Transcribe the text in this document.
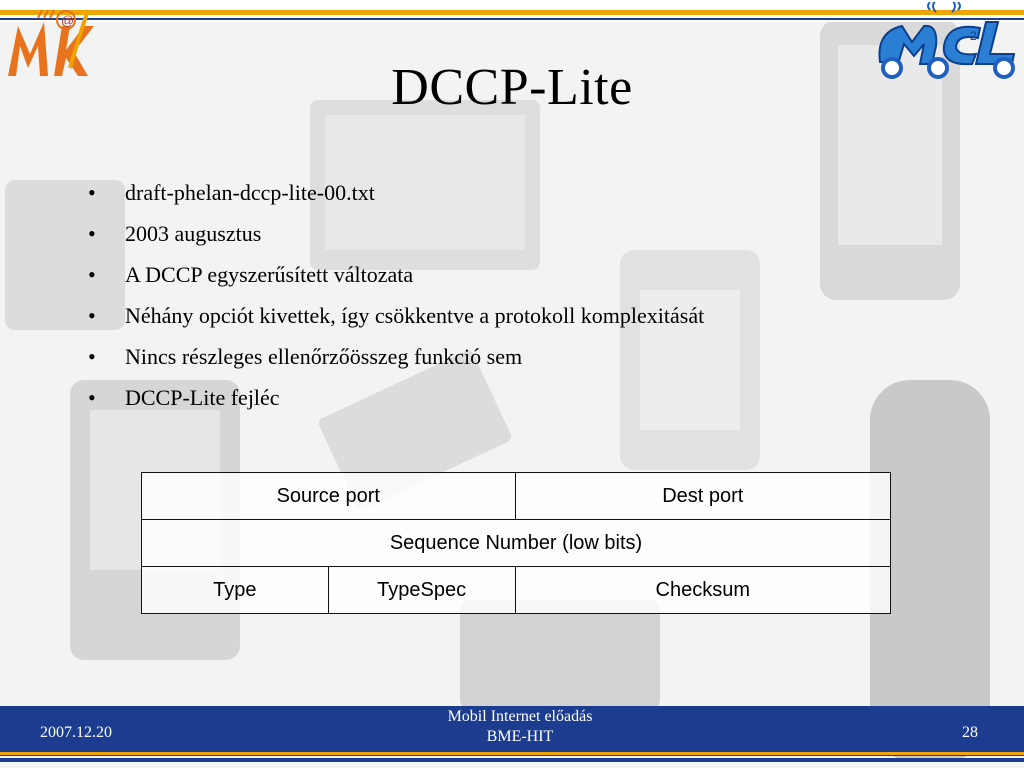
@
2
DCCP-Lite
• draft-phelan-dccp-lite-00.txt
• 2003 augusztus
• A DCCP egyszerűsített változata
• Néhány opciót kivettek, így csökkentve a protokoll komplexitását
• Nincs részleges ellenőrzőösszeg funkció sem
• DCCP-Lite fejléc
Source port		Dest port
Sequence Number (low bits)		
Type	TypeSpec	Checksum
2007.12.20
Mobil Internet előadás
BME-HIT	28
